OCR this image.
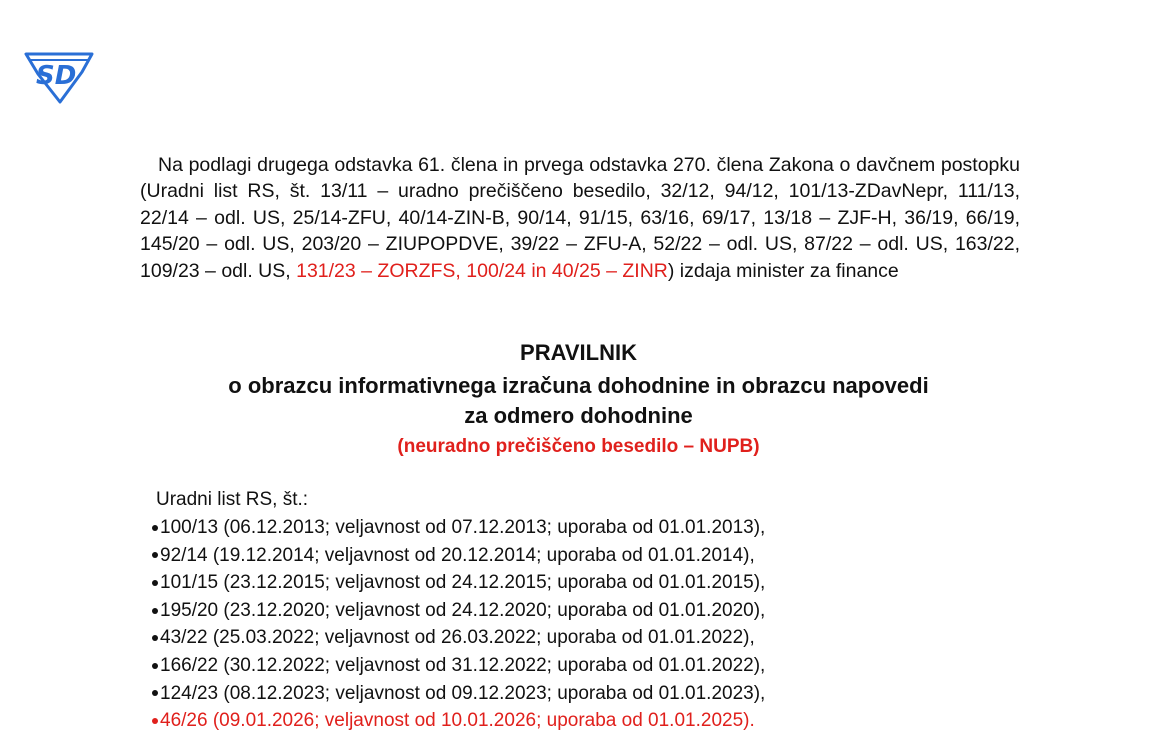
SD

Na podlagi drugega odstavka 61. člena in prvega odstavka 270. člena Zakona o davčnem postopku (Uradni list RS, št. 13/11 – uradno prečiščeno besedilo, 32/12, 94/12, 101/13-ZDavNepr, 111/13, 22/14 – odl. US, 25/14-ZFU, 40/14-ZIN-B, 90/14, 91/15, 63/16, 69/17, 13/18 – ZJF-H, 36/19, 66/19, 145/20 – odl. US, 203/20 – ZIUPOPDVE, 39/22 – ZFU-A, 52/22 – odl. US, 87/22 – odl. US, 163/22, 109/23 – odl. US, 131/23 – ZORZFS, 100/24 in 40/25 – ZINR) izdaja minister za finance

PRAVILNIK
o obrazcu informativnega izračuna dohodnine in obrazcu napovedi
za odmero dohodnine

(neuradno prečiščeno besedilo – NUPB)

Uradni list RS, št.:

100/13 (06.12.2013; veljavnost od 07.12.2013; uporaba od 01.01.2013),
92/14 (19.12.2014; veljavnost od 20.12.2014; uporaba od 01.01.2014),
101/15 (23.12.2015; veljavnost od 24.12.2015; uporaba od 01.01.2015),
195/20 (23.12.2020; veljavnost od 24.12.2020; uporaba od 01.01.2020),
43/22 (25.03.2022; veljavnost od 26.03.2022; uporaba od 01.01.2022),
166/22 (30.12.2022; veljavnost od 31.12.2022; uporaba od 01.01.2022),
124/23 (08.12.2023; veljavnost od 09.12.2023; uporaba od 01.01.2023),
46/26 (09.01.2026; veljavnost od 10.01.2026; uporaba od 01.01.2025).
